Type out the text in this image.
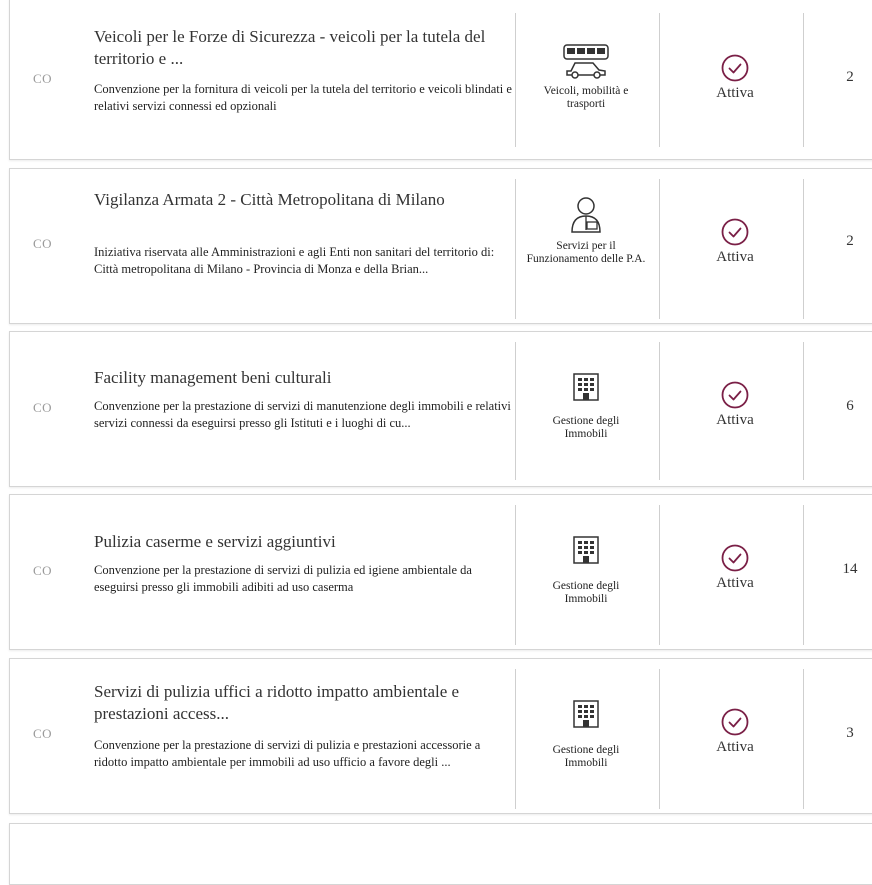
CO
Veicoli per le Forze di Sicurezza - veicoli per la tutela del territorio e ...
Convenzione per la fornitura di veicoli per la tutela del territorio e veicoli blindati e relativi servizi connessi ed opzionali
Veicoli, mobilità e trasporti
Attiva
2
CO
Vigilanza Armata 2 - Città Metropolitana di Milano
Iniziativa riservata alle Amministrazioni e agli Enti non sanitari del territorio di: Città metropolitana di Milano - Provincia di Monza e della Brian...
Servizi per il Funzionamento delle P.A.	Attiva
2
CO
Facility management beni culturali
Convenzione per la prestazione di servizi di manutenzione degli immobili e relativi servizi connessi da eseguirsi presso gli Istituti e i luoghi di cu...	Gestione degli Immobili
Attiva
6
CO
Pulizia caserme e servizi aggiuntivi
Convenzione per la prestazione di servizi di pulizia ed igiene ambientale da eseguirsi presso gli immobili adibiti ad uso caserma	Gestione degli Immobili
Attiva
14
CO
Servizi di pulizia uffici a ridotto impatto ambientale e prestazioni access...
Convenzione per la prestazione di servizi di pulizia e prestazioni accessorie a ridotto impatto ambientale per immobili ad uso ufficio a favore degli ...
Gestione degli Immobili
Attiva
3
